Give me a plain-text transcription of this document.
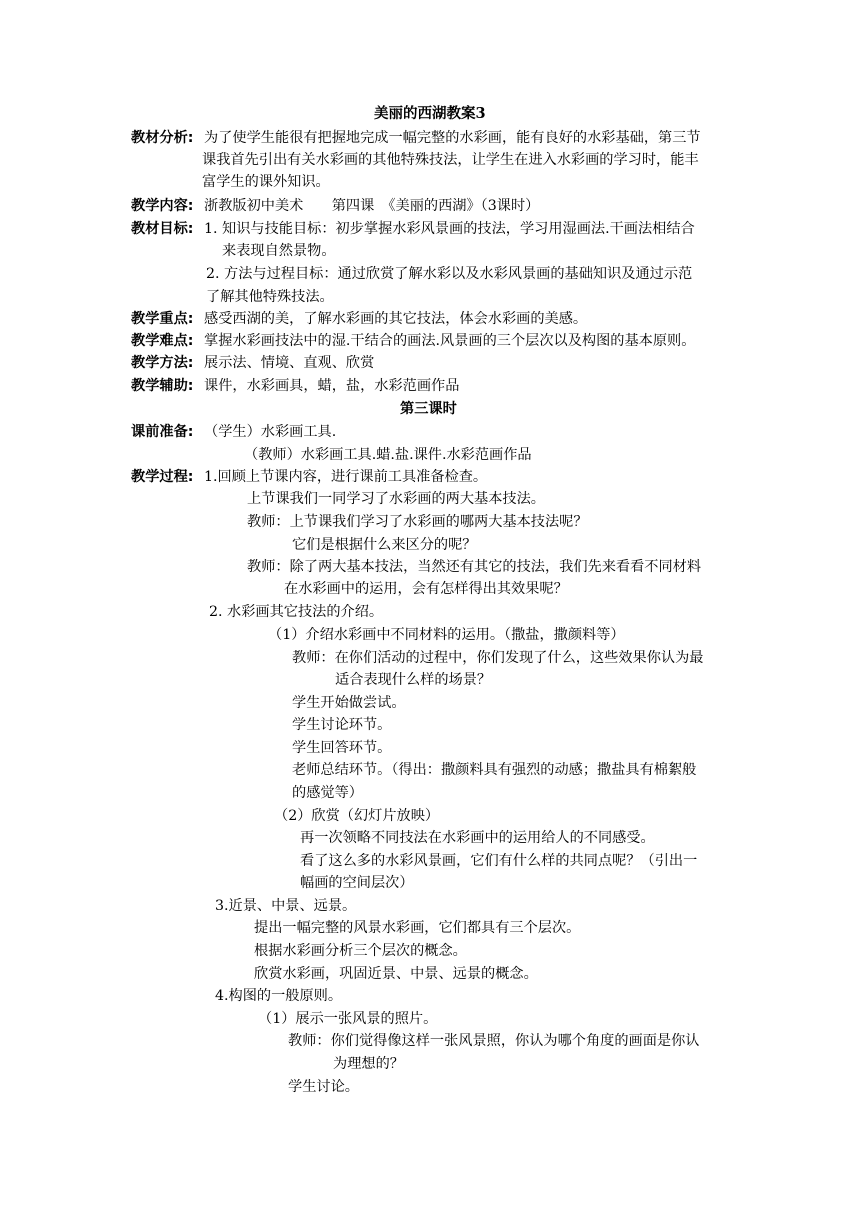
美丽的西湖教案3
教材分析: 为了使学生能很有把握地完成一幅完整的水彩画，能有良好的水彩基础，第三节
课我首先引出有关水彩画的其他特殊技法，让学生在进入水彩画的学习时，能丰
富学生的课外知识。
教学内容: 浙教版初中美术　　第四课　《美丽的西湖》（3课时）
教材目标: 1. 知识与技能目标：初步掌握水彩风景画的技法，学习用湿画法.干画法相结合
来表现自然景物。
2. 方法与过程目标：通过欣赏了解水彩以及水彩风景画的基础知识及通过示范
了解其他特殊技法。
教学重点: 感受西湖的美，了解水彩画的其它技法，体会水彩画的美感。
教学难点: 掌握水彩画技法中的湿.干结合的画法.风景画的三个层次以及构图的基本原则。
教学方法: 展示法、情境、直观、欣赏
教学辅助: 课件，水彩画具，蜡，盐，水彩范画作品
第三课时
课前准备: （学生）水彩画工具.
（教师）水彩画工具.蜡.盐.课件.水彩范画作品
教学过程: 1.回顾上节课内容，进行课前工具准备检查。
上节课我们一同学习了水彩画的两大基本技法。
教师：上节课我们学习了水彩画的哪两大基本技法呢？
它们是根据什么来区分的呢？
教师：除了两大基本技法，当然还有其它的技法，我们先来看看不同材料
在水彩画中的运用，会有怎样得出其效果呢？
2. 水彩画其它技法的介绍。
（1）介绍水彩画中不同材料的运用。（撒盐，撒颜料等）
教师：在你们活动的过程中，你们发现了什么，这些效果你认为最
适合表现什么样的场景？
学生开始做尝试。
学生讨论环节。
学生回答环节。
老师总结环节。（得出：撒颜料具有强烈的动感；撒盐具有棉絮般
的感觉等）
（2）欣赏（幻灯片放映）
再一次领略不同技法在水彩画中的运用给人的不同感受。
看了这么多的水彩风景画，它们有什么样的共同点呢？（引出一
幅画的空间层次）
3.近景、中景、远景。
提出一幅完整的风景水彩画，它们都具有三个层次。
根据水彩画分析三个层次的概念。
欣赏水彩画，巩固近景、中景、远景的概念。
4.构图的一般原则。
（1）展示一张风景的照片。
教师：你们觉得像这样一张风景照，你认为哪个角度的画面是你认
为理想的？
学生讨论。
